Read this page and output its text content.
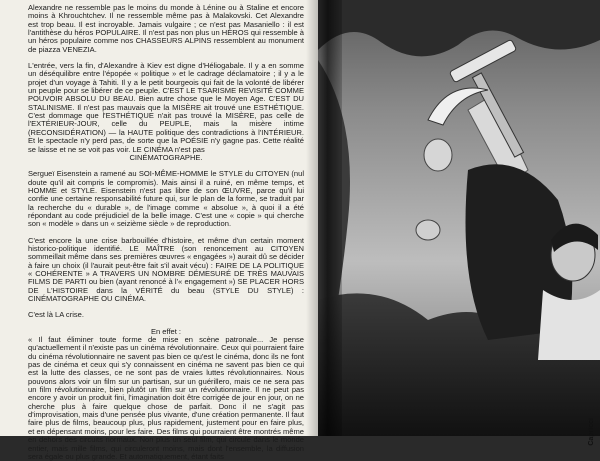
Alexandre ne ressemble pas le moins du monde à Lénine ou à Staline et encore moins à Khrouchtchev. Il ne ressemble même pas à Malakovski. Cet Alexandre est trop beau. Il est incroyable. Jamais vulgaire ; ce n'est pas Masaniello : il est l'antithèse du héros POPULAIRE. Il n'est pas non plus un HÉROS qui ressemble à un héros populaire comme nos CHASSEURS ALPINS ressemblent au monument de piazza VENEZIA.

L'entrée, vers la fin, d'Alexandre à Kiev est digne d'Héliogabale. Il y a en somme un déséquilibre entre l'épopée « politique » et le cadrage déclamatoire ; il y a le projet d'un voyage à Tahiti. Il y a le petit bourgeois qui fait de la volonté de libérer un peuple pour se libérer de ce peuple. C'EST LE TSARISME REVISITÉ COMME POUVOIR ABSOLU DU BEAU. Bien autre chose que le Moyen Age. C'EST DU STALINISME. Il n'est pas mauvais que la MISÈRE ait trouvé une ESTHÉTIQUE. C'est dommage que l'ESTHÉTIQUE n'ait pas trouvé la MISÈRE, pas celle de l'EXTÉRIEUR-JOUR, celle du PEUPLE, mais la misère intime (RECONSIDÉRATION) — la HAUTE politique des contradictions à l'INTÉRIEUR. Et le spectacle n'y perd pas, de sorte que la POÉSIE n'y gagne pas. Cette réalité se laisse et ne se voit pas voir. LE CINÉMA n'est pas

CINÉMATOGRAPHE.

Sergueï Eisenstein a ramené au SOI-MÊME-HOMME le STYLE du CITOYEN (nul doute qu'il ait compris le compromis). Mais ainsi il a ruiné, en même temps, et HOMME et STYLE. Eisenstein n'est pas libre de son ŒUVRE, parce qu'il lui confie une certaine responsabilité future qui, sur le plan de la forme, se traduit par la recherche du « durable », de l'image comme « absolue », à quoi il a été répondant au code préjudiciel de la belle image. C'est une « copie » qui cherche son « modèle » dans un « seizième siècle » de reproduction.

C'est encore la une crise barbouillée d'histoire, et même d'un certain moment historico-politique identifié. LE MAÎTRE (son renoncement au CITOYEN sommeillait même dans ses premières œuvres « engagées ») aurait dû se décider à faire un choix (il l'aurait peut-être fait s'il avait vécu) : FAIRE DE LA POLITIQUE « COHÉRENTE » A TRAVERS UN NOMBRE DÉMESURÉ DE TRÈS MAUVAIS FILMS DE PARTI ou bien (ayant renoncé à l'« engagement ») SE PLACER HORS DE L'HISTOIRE dans la VÉRITÉ du beau (STYLE DU STYLE) : CINÉMATOGRAPHE OU CINÉMA.

C'est là LA crise.

En effet :

« Il faut éliminer toute forme de mise en scène patronale... Je pense qu'actuellement il n'existe pas un cinéma révolutionnaire. Ceux qui pourraient faire du cinéma révolutionnaire ne savent pas bien ce qu'est le cinéma, donc ils ne font pas de cinéma et ceux qui s'y connaissent en cinéma ne savent pas bien ce qui est la lutte des classes, ce ne sont pas de vraies luttes révolutionnaires. Nous pouvons alors voir un film sur un partisan, sur un guérillero, mais ce ne sera pas un film révolutionnaire, bien plutôt un film sur un révolutionnaire. Il ne peut pas encore y avoir un produit fini, l'imagination doit être corrigée de jour en jour, on ne cherche plus à faire quelque chose de parfait. Donc il ne s'agit pas d'improvisation, mais d'une pensée plus vivante, d'une création permanente. Il faut faire plus de films, beaucoup plus, plus rapidement, justement pour en faire plus, et en dépensant moins, pour les faire. Des films qui pourraient être montrés même en dehors des circuits normaux. Non plus un seul film, qui circule dans le monde entier, mais mille films, qui circuleront moins, mais dont l'ensemble, la diffusion sera égale ou plus grande. Et automatiquement, étant faits

Capricci
